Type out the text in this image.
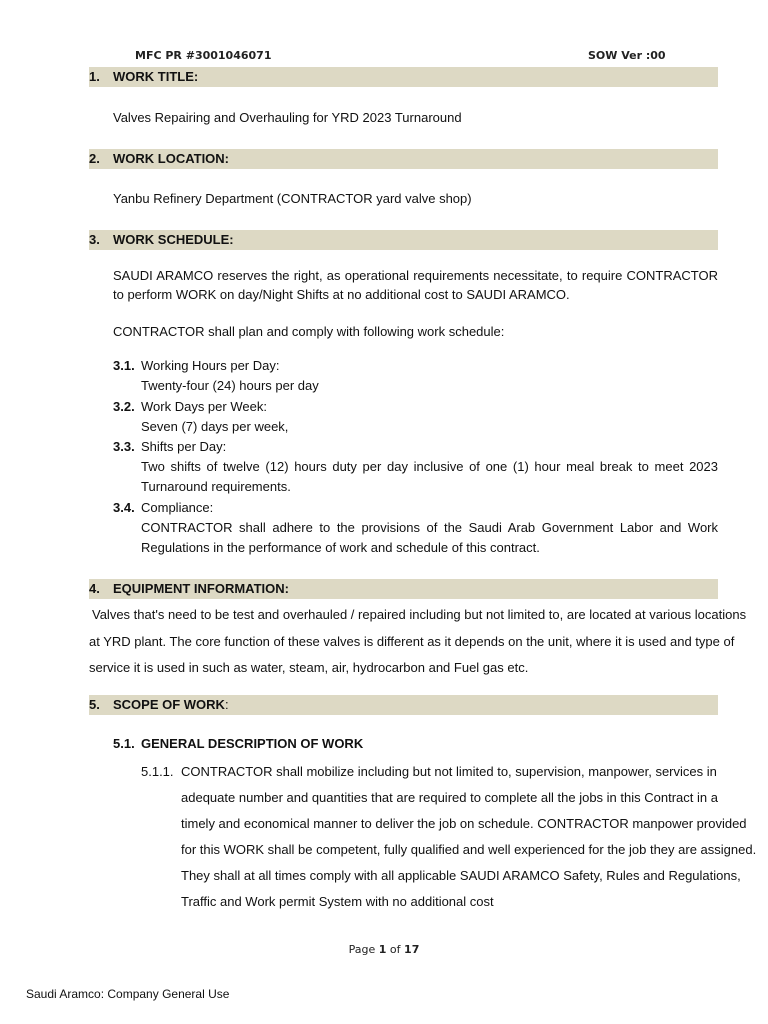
MFC PR #3001046071	SOW Ver :00
1. WORK TITLE:
Valves Repairing and Overhauling for YRD 2023 Turnaround
2. WORK LOCATION:
Yanbu Refinery Department (CONTRACTOR yard valve shop)
3. WORK SCHEDULE:
SAUDI ARAMCO reserves the right, as operational requirements necessitate, to require CONTRACTOR to perform WORK on day/Night Shifts at no additional cost to SAUDI ARAMCO.
CONTRACTOR shall plan and comply with following work schedule:
3.1. Working Hours per Day:
Twenty-four (24) hours per day
3.2. Work Days per Week:
Seven (7) days per week,
3.3. Shifts per Day:
Two shifts of twelve (12) hours duty per day inclusive of one (1) hour meal break to meet 2023 Turnaround requirements.
3.4. Compliance:
CONTRACTOR shall adhere to the provisions of the Saudi Arab Government Labor and Work Regulations in the performance of work and schedule of this contract.
4. EQUIPMENT INFORMATION:
Valves that's need to be test and overhauled / repaired including but not limited to, are located at various locations
at YRD plant. The core function of these valves is different as it depends on the unit, where it is used and type of
service it is used in such as water, steam, air, hydrocarbon and Fuel gas etc.
5. SCOPE OF WORK:
5.1. GENERAL DESCRIPTION OF WORK
5.1.1. CONTRACTOR shall mobilize including but not limited to, supervision, manpower, services in
adequate number and quantities that are required to complete all the jobs in this Contract in a
timely and economical manner to deliver the job on schedule. CONTRACTOR manpower provided
for this WORK shall be competent, fully qualified and well experienced for the job they are assigned.
They shall at all times comply with all applicable SAUDI ARAMCO Safety, Rules and Regulations,
Traffic and Work permit System with no additional cost
Page 1 of 17
Saudi Aramco: Company General Use
